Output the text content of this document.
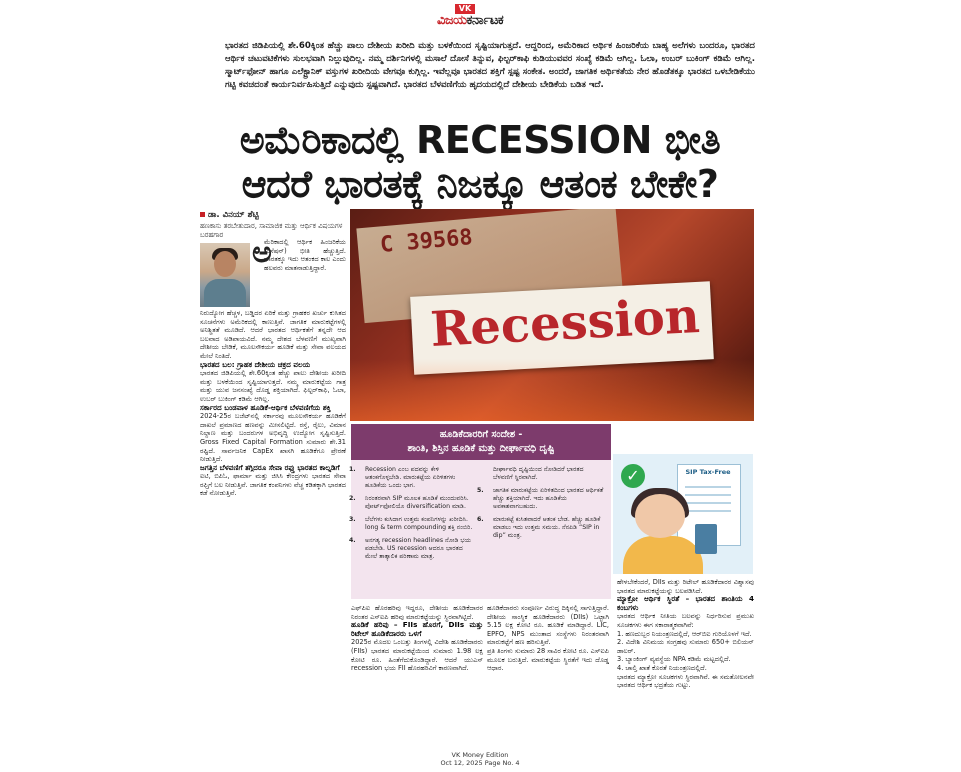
VK
ವಿಜಯಕರ್ನಾಟಕ
ಭಾರತದ ಜಿಡಿಪಿಯಲ್ಲಿ ಶೇ.60ಕ್ಕಿಂತ ಹೆಚ್ಚು ಪಾಲು ದೇಶೀಯ ಖರೀದಿ ಮತ್ತು ಬಳಕೆಯಿಂದ ಸೃಷ್ಟಿಯಾಗುತ್ತದೆ. ಆದ್ದರಿಂದ, ಅಮೆರಿಕಾದ ಆರ್ಥಿಕ ಹಿಂಜರಿಕೆಯ ಬಾಹ್ಯ ಅಲೆಗಳು ಬಂದರೂ, ಭಾರತದ ಆರ್ಥಿಕ ಚಟುವಟಿಕೆಗಳು ಸುಲಭವಾಗಿ ನಿಲ್ಲುವುದಿಲ್ಲ. ನಮ್ಮ ದರ್ಶಿನಿಗಳಲ್ಲಿ ಮಸಾಲೆ ದೋಸೆ ತಿನ್ನುವ, ಫಿಲ್ಟರ್‌ಕಾಫಿ ಕುಡಿಯುವವರ ಸಂಖ್ಯೆ ಕಡಿಮೆ ಆಗಿಲ್ಲ. ಓಲಾ, ಉಬರ್ ಬುಕಿಂಗ್ ಕಡಿಮೆ ಆಗಿಲ್ಲ. ಸ್ಮಾರ್ಟ್‌ಫೋನ್ ಹಾಗೂ ಎಲೆಕ್ಟ್ರಾನಿಕ್ ವಸ್ತುಗಳ ಖರೀದಿಯ ವೇಗವೂ ಕುಗ್ಗಿಲ್ಲ. ಇವೆಲ್ಲವೂ ಭಾರತದ ಶಕ್ತಿಗೆ ಸ್ಪಷ್ಟ ಸಂಕೇತ. ಅಂದರೆ, ಜಾಗತಿಕ ಅರ್ಥಿಕತೆಯ ನೇರ ಹೊಡೆತಕ್ಕೂ ಭಾರತದ ಒಳಬೇಡಿಕೆಯು ಗಟ್ಟಿ ಕವಚದಂತೆ ಕಾರ್ಯನಿರ್ವಹಿಸುತ್ತಿದೆ ಎನ್ನುವುದು ಸ್ಪಷ್ಟವಾಗಿದೆ. ಭಾರತದ ಬೆಳವಣಿಗೆಯ ಹೃದಯದಲ್ಲಿದೆ ದೇಶೀಯ ಬೇಡಿಕೆಯ ಬಡಿತ ಇದೆ.
ಅಮೆರಿಕಾದಲ್ಲಿ RECESSION ಭೀತಿ
ಆದರೆ ಭಾರತಕ್ಕೆ ನಿಜಕ್ಕೂ ಆತಂಕ ಬೇಕೇ?
ಡಾ. ವಿನಯ್ ಶೆಟ್ಟಿ
ಹಣಕಾಸು ತರಬೇತುದಾರ, ಸಾಮಾಜಿಕ ಮತ್ತು ಆರ್ಥಿಕ ವಿಷಯಗಳ ಬರಹಗಾರ ಅ
ಮೆರಿಕಾದಲ್ಲಿ ಆರ್ಥಿಕ ಹಿಂಜರಿಕೆಯ (ರಿಸೆಷನ್) ಭೀತಿ ಹೆಚ್ಚುತ್ತಿದೆ. ಭಾರತಕ್ಕೂ ಇದು ಆತಂಕದ ಕಾಲ ಎಂದು ಹಲವರು ಮಾತನಾಡುತ್ತಿದ್ದಾರೆ.
ನಿರುದ್ಯೋಗ ಹೆಚ್ಚಳ, ಬಡ್ಡಿದರ ಏರಿಕೆ ಮತ್ತು ಗ್ರಾಹಕರ ಖರ್ಚು ಕುಸಿತದ ಸೂಚನೆಗಳು ಅಮೆರಿಕದಲ್ಲಿ ಕಾಣುತ್ತಿವೆ. ಜಾಗತಿಕ ಮಾರುಕಟ್ಟೆಗಳಲ್ಲಿ ಅನಿಶ್ಚಿತತೆ ಮೂಡಿದೆ. ಆದರೆ ಭಾರತದ ಆರ್ಥಿಕತೆಗೆ ತನ್ನದೇ ಆದ ಬಲವಾದ ಅಡಿಪಾಯವಿದೆ. ನಮ್ಮ ದೇಶದ ಬೆಳವಣಿಗೆ ಮುಖ್ಯವಾಗಿ ದೇಶೀಯ ಬೇಡಿಕೆ, ಮೂಲಸೌಕರ್ಯ ಹೂಡಿಕೆ ಮತ್ತು ಸೇವಾ ವಲಯದ ಮೇಲೆ ನಿಂತಿದೆ.
ಭಾರತದ ಬಲ: ಗ್ರಾಹಕ ದೇಶೀಯ ಚಕ್ರದ ವಲಯ
ಭಾರತದ ಜಿಡಿಪಿಯಲ್ಲಿ ಶೇ.60ಕ್ಕಿಂತ ಹೆಚ್ಚು ಪಾಲು ದೇಶೀಯ ಖರೀದಿ ಮತ್ತು ಬಳಕೆಯಿಂದ ಸೃಷ್ಟಿಯಾಗುತ್ತದೆ. ನಮ್ಮ ಮಾರುಕಟ್ಟೆಯ ಗಾತ್ರ ಮತ್ತು ಯುವ ಜನಸಂಖ್ಯೆ ದೊಡ್ಡ ಶಕ್ತಿಯಾಗಿದೆ. ಫಿಲ್ಟರ್‌ಕಾಫಿ, ಓಲಾ, ಉಬರ್ ಬುಕಿಂಗ್ ಕಡಿಮೆ ಆಗಿಲ್ಲ.
ಸರ್ಕಾರದ ಬಂಡವಾಳ ಹೂಡಿಕೆ-ಆರ್ಥಿಕ ಬೆಳವಣಿಗೆಯ ಶಕ್ತಿ
2024-25ರ ಬಜೆಟ್‌ನಲ್ಲಿ ಸರ್ಕಾರವು ಮೂಲಸೌಕರ್ಯ ಹೂಡಿಕೆಗೆ ದಾಖಲೆ ಪ್ರಮಾಣದ ಹಣವನ್ನು ಮೀಸಲಿಟ್ಟಿದೆ. ರಸ್ತೆ, ರೈಲು, ವಿಮಾನ ನಿಲ್ದಾಣ ಮತ್ತು ಬಂದರುಗಳ ಅಭಿವೃದ್ಧಿ ಉದ್ಯೋಗ ಸೃಷ್ಟಿಸುತ್ತಿದೆ. Gross Fixed Capital Formation ಸುಮಾರು ಶೇ.31 ರಷ್ಟಿದೆ. ಸಾರ್ವಜನಿಕ CapEx ಖಾಸಗಿ ಹೂಡಿಕೆಗೂ ಪ್ರೇರಣೆ ನೀಡುತ್ತಿದೆ.
ಜಗತ್ತಿನ ಬೆಳವಣಿಗೆ ತಗ್ಗಿದರೂ ಸೇವಾ ರಫ್ತು ಭಾರತದ ಕಾಲ್ನಡಿಗೆ
ಐಟಿ, ಬಿಪಿಓ, ಫಾರ್ಮಾ ಮತ್ತು ಜಿಸಿಸಿ ಕೇಂದ್ರಗಳು ಭಾರತದ ಸೇವಾ ರಫ್ತಿಗೆ ಬಲ ನೀಡುತ್ತಿವೆ. ಜಾಗತಿಕ ಕಂಪನಿಗಳು ವೆಚ್ಚ ಕಡಿತಕ್ಕಾಗಿ ಭಾರತದ ಕಡೆ ನೋಡುತ್ತಿವೆ.
C 39568
Recession
ಹೂಡಿಕೆದಾರರಿಗೆ ಸಂದೇಶ -
ಶಾಂತಿ, ಶಿಸ್ತಿನ ಹೂಡಿಕೆ ಮತ್ತು ದೀರ್ಘಾವಧಿ ದೃಷ್ಟಿ
1. Recession ಎಂಬ ಪದವನ್ನು ಕೇಳಿ ಆತಂಕಗೊಳ್ಳಬೇಡಿ. ಮಾರುಕಟ್ಟೆಯ ಏರಿಳಿತಗಳು ಹೂಡಿಕೆಯ ಒಂದು ಭಾಗ.
2. ನಿರಂತರವಾಗಿ SIP ಮೂಲಕ ಹೂಡಿಕೆ ಮುಂದುವರಿಸಿ. ಪೋರ್ಟ್‌ಫೋಲಿಯೊ diversification ಮಾಡಿ.
3. ಬೆಲೆಗಳು ಕುಸಿದಾಗ ಉತ್ತಮ ಕಂಪನಿಗಳನ್ನು ಖರೀದಿಸಿ. long & term compounding ಶಕ್ತಿ ನಂಬಿರಿ.
4. ಅನಗತ್ಯ recession headlines ನೋಡಿ ಭಯ ಪಡಬೇಡಿ. US recession ಆದರೂ ಭಾರತದ ಮೇಲೆ ತಾತ್ಕಾಲಿಕ ಪರಿಣಾಮ ಮಾತ್ರ.
ದೀರ್ಘಾವಧಿ ದೃಷ್ಟಿಯಿಂದ ನೋಡಿದರೆ ಭಾರತದ ಬೆಳವಣಿಗೆ ಸ್ಥಿರವಾಗಿದೆ.
5. ಜಾಗತಿಕ ಮಾರುಕಟ್ಟೆಯ ಏರಿಳಿತದಿಂದ ಭಾರತದ ಆರ್ಥಿಕತೆ ಹೆಚ್ಚು ಶಕ್ತಿಯಾಗಿದೆ. ಇದು ಹೂಡಿಕೆಯ ಅವಕಾಶವಾಗಬಹುದು.
6. ಮಾರುಕಟ್ಟೆ ಕುಸಿತವಾದರೆ ಆತಂಕ ಬೇಡ. ಹೆಚ್ಚು ಹೂಡಿಕೆ ಮಾಡಲು ಇದು ಉತ್ತಮ ಸಮಯ. ನೆನಪಿಡಿ “SIP in dip” ಮಂತ್ರ.
SIP Tax-Free
✓
ಎಫ್‌ಪಿಐ ಹೊರಹರಿವು ಇದ್ದರೂ, ದೇಶೀಯ ಹೂಡಿಕೆದಾರರ ನಿರಂತರ ಎಸ್‌ಐಪಿ ಹರಿವು ಮಾರುಕಟ್ಟೆಯನ್ನು ಸ್ಥಿರವಾಗಿಟ್ಟಿದೆ.
ಹೂಡಿಕೆ ಹರಿವು – FIIs ಹೊರಗೆ, DIIs ಮತ್ತು ರಿಟೇಲ್ ಹೂಡಿಕೆದಾರರು ಒಳಗೆ
2025ರ ಮೊದಲ ಒಂಬತ್ತು ತಿಂಗಳಲ್ಲಿ ವಿದೇಶಿ ಹೂಡಿಕೆದಾರರು (FIIs) ಭಾರತದ ಮಾರುಕಟ್ಟೆಯಿಂದ ಸುಮಾರು 1.98 ಲಕ್ಷ ಕೋಟಿ ರೂ. ಹಿಂತೆಗೆದುಕೊಂಡಿದ್ದಾರೆ. ಆದರೆ ಯುಎಸ್ recession ಭಯ FII ಹೊರಹರಿವಿಗೆ ಕಾರಣವಾಗಿದೆ.
ಹೂಡಿಕೆದಾರರು ಸಂಪೂರ್ಣ ವಿರುದ್ಧ ದಿಕ್ಕಿನಲ್ಲಿ ಸಾಗುತ್ತಿದ್ದಾರೆ. ದೇಶೀಯ ಸಾಂಸ್ಥಿಕ ಹೂಡಿಕೆದಾರರು (DIIs) ಒಟ್ಟಾಗಿ 5.15 ಲಕ್ಷ ಕೋಟಿ ರೂ. ಹೂಡಿಕೆ ಮಾಡಿದ್ದಾರೆ. LIC, EPFO, NPS ಮುಂತಾದ ಸಂಸ್ಥೆಗಳು ನಿರಂತರವಾಗಿ ಮಾರುಕಟ್ಟೆಗೆ ಹಣ ಹರಿಸುತ್ತಿವೆ.
ಪ್ರತಿ ತಿಂಗಳು ಸುಮಾರು 28 ಸಾವಿರ ಕೋಟಿ ರೂ. ಎಸ್‌ಐಪಿ ಮೂಲಕ ಬರುತ್ತಿದೆ. ಮಾರುಕಟ್ಟೆಯ ಸ್ಥಿರತೆಗೆ ಇದು ದೊಡ್ಡ ಆಧಾರ.
ಹೇಳಬೇಕೆಂದರೆ, DIIs ಮತ್ತು ರಿಟೇಲ್ ಹೂಡಿಕೆದಾರರ ವಿಶ್ವಾಸವು ಭಾರತದ ಮಾರುಕಟ್ಟೆಯನ್ನು ಬಲಪಡಿಸಿದೆ.
ಮ್ಯಾಕ್ರೋ ಆರ್ಥಿಕ ಸ್ಥಿರತೆ – ಭಾರತದ ಶಾಂತಿಯ 4 ಕಂಬಗಳು
ಭಾರತದ ಆರ್ಥಿಕ ನೀತಿಯ ಬಲವನ್ನು ನಿರ್ಧರಿಸುವ ಪ್ರಮುಖ ಸೂಚಕಗಳು ಈಗ ಸಕಾರಾತ್ಮಕವಾಗಿವೆ:
1. ಹಣದುಬ್ಬರ ನಿಯಂತ್ರಣದಲ್ಲಿದೆ, ಆರ್‌ಬಿಐ ಗುರಿಯೊಳಗೆ ಇದೆ.
2. ವಿದೇಶಿ ವಿನಿಮಯ ಸಂಗ್ರಹವು ಸುಮಾರು 650+ ಬಿಲಿಯನ್ ಡಾಲರ್.
3. ಬ್ಯಾಂಕಿಂಗ್ ವ್ಯವಸ್ಥೆಯ NPA ಕಡಿಮೆ ಮಟ್ಟದಲ್ಲಿದೆ.
4. ಚಾಲ್ತಿ ಖಾತೆ ಕೊರತೆ ನಿಯಂತ್ರಣದಲ್ಲಿದೆ.
ಭಾರತದ ಮ್ಯಾಕ್ರೋ ಸೂಚಕಗಳು ಸ್ಥಿರವಾಗಿವೆ. ಈ ಸಮತೋಲನವೇ ಭಾರತದ ಆರ್ಥಿಕ ಭದ್ರತೆಯ ಗುಟ್ಟು.
VK Money Edition
Oct 12, 2025 Page No. 4
